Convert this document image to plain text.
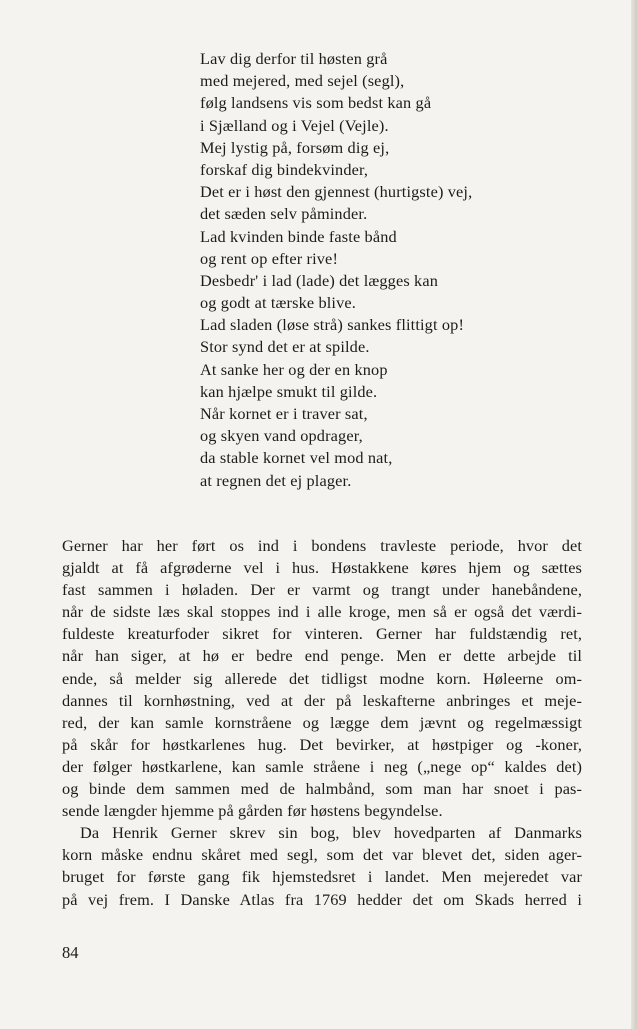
Lav dig derfor til høsten grå
med mejered, med sejel (segl),
følg landsens vis som bedst kan gå
i Sjælland og i Vejel (Vejle).
Mej lystig på, forsøm dig ej,
forskaf dig bindekvinder,
Det er i høst den gjennest (hurtigste) vej,
det sæden selv påminder.
Lad kvinden binde faste bånd
og rent op efter rive!
Desbedr' i lad (lade) det lægges kan
og godt at tærske blive.
Lad sladen (løse strå) sankes flittigt op!
Stor synd det er at spilde.
At sanke her og der en knop
kan hjælpe smukt til gilde.
Når kornet er i traver sat,
og skyen vand opdrager,
da stable kornet vel mod nat,
at regnen det ej plager.
Gerner har her ført os ind i bondens travleste periode, hvor det
gjaldt at få afgrøderne vel i hus. Høstakkene køres hjem og sættes
fast sammen i høladen. Der er varmt og trangt under hanebåndene,
når de sidste læs skal stoppes ind i alle kroge, men så er også det værdi-
fuldeste kreaturfoder sikret for vinteren. Gerner har fuldstændig ret,
når han siger, at hø er bedre end penge. Men er dette arbejde til
ende, så melder sig allerede det tidligst modne korn. Høleerne om-
dannes til kornhøstning, ved at der på leskafterne anbringes et meje-
red, der kan samle kornstråene og lægge dem jævnt og regelmæssigt
på skår for høstkarlenes hug. Det bevirker, at høstpiger og -koner,
der følger høstkarlene, kan samle stråene i neg („nege op“ kaldes det)
og binde dem sammen med de halmbånd, som man har snoet i pas-
sende længder hjemme på gården før høstens begyndelse.
Da Henrik Gerner skrev sin bog, blev hovedparten af Danmarks
korn måske endnu skåret med segl, som det var blevet det, siden ager-
bruget for første gang fik hjemstedsret i landet. Men mejeredet var
på vej frem. I Danske Atlas fra 1769 hedder det om Skads herred i
84
